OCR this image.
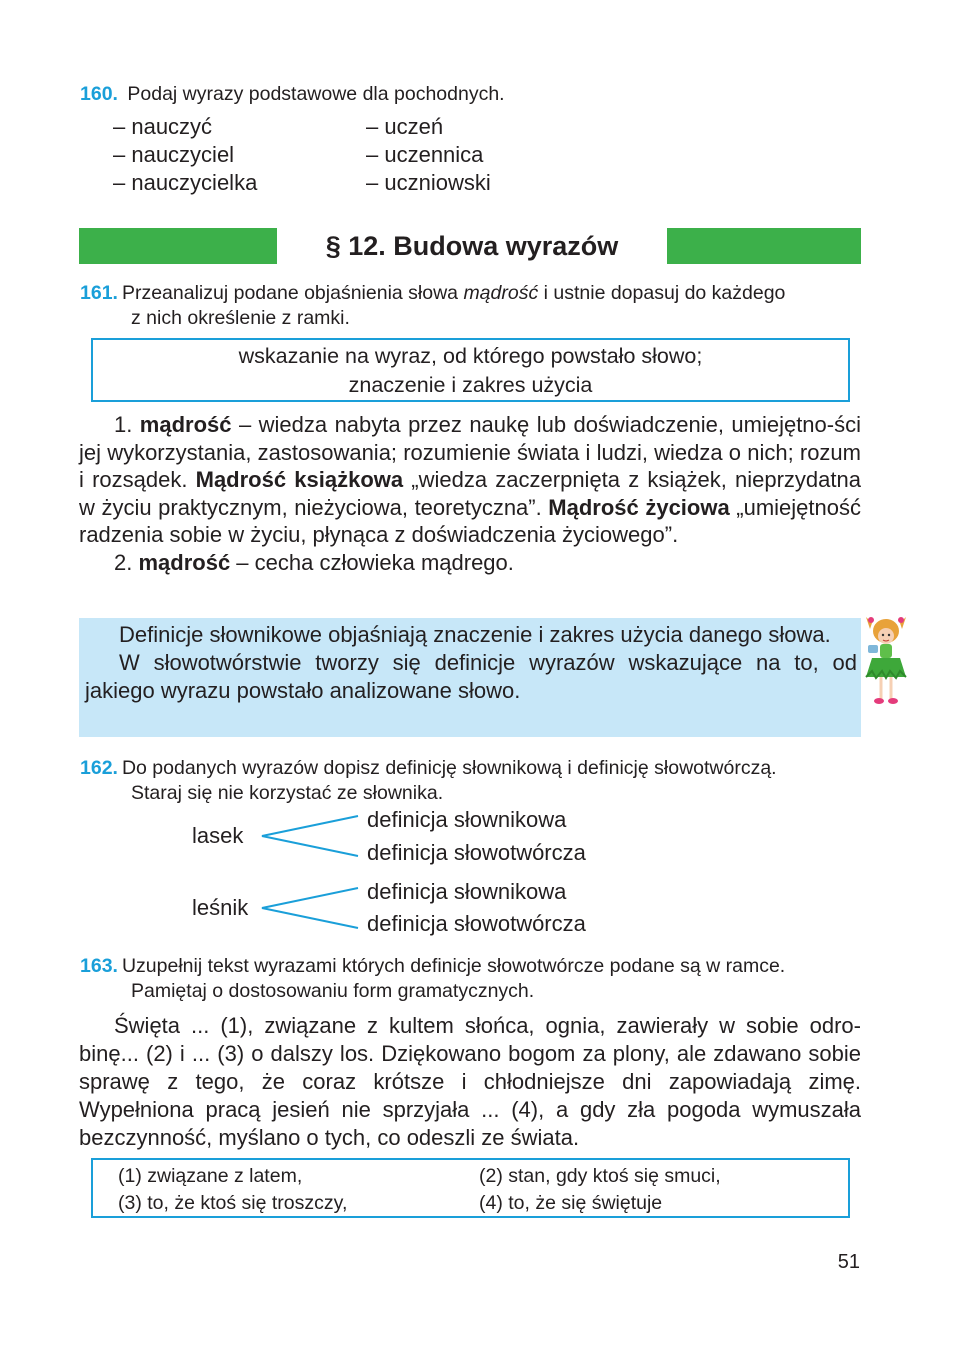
160. Podaj wyrazy podstawowe dla pochodnych.
– nauczyć
– nauczyciel
– nauczycielka
– uczeń
– uczennica
– uczniowski
§ 12. Budowa wyrazów
161. Przeanalizuj podane objaśnienia słowa mądrość i ustnie dopasuj do każdego
z nich określenie z ramki.
wskazanie na wyraz, od którego powstało słowo;
znaczenie i zakres użycia

1. mądrość – wiedza nabyta przez naukę lub doświadczenie, umiejętno-ści jej wykorzystania, zastosowania; rozumienie świata i ludzi, wiedza o nich; rozum i rozsądek. Mądrość książkowa „wiedza zaczerpnięta z książek, nieprzydatna w życiu praktycznym, nieżyciowa, teoretyczna”. Mądrość życiowa „umiejętność radzenia sobie w życiu, płynąca z doświadczenia życiowego”.

2. mądrość – cecha człowieka mądrego.

Definicje słownikowe objaśniają znaczenie i zakres użycia danego słowa.

W słowotwórstwie tworzy się definicje wyrazów wskazujące na to, od jakiego wyrazu powstało analizowane słowo.

162. Do podanych wyrazów dopisz definicję słownikową i definicję słowotwórczą.
Staraj się nie korzystać ze słownika.
lasek
definicja słownikowa
definicja słowotwórcza
leśnik
definicja słownikowa
definicja słowotwórcza
163. Uzupełnij tekst wyrazami których definicje słowotwórcze podane są w ramce.
Pamiętaj o dostosowaniu form gramatycznych.

Święta ... (1), związane z kultem słońca, ognia, zawierały w sobie odro-binę... (2) i ... (3) o dalszy los. Dziękowano bogom za plony, ale zdawano sobie sprawę z tego, że coraz krótsze i chłodniejsze dni zapowiadają zimę. Wypełniona pracą jesień nie sprzyjała ... (4), a gdy zła pogoda wymuszała bezczynność, myślano o tych, co odeszli ze świata.

(1) związane z latem,	(2) stan, gdy ktoś się smuci,
(3) to, że ktoś się troszczy,	(4) to, że się świętuje
51
